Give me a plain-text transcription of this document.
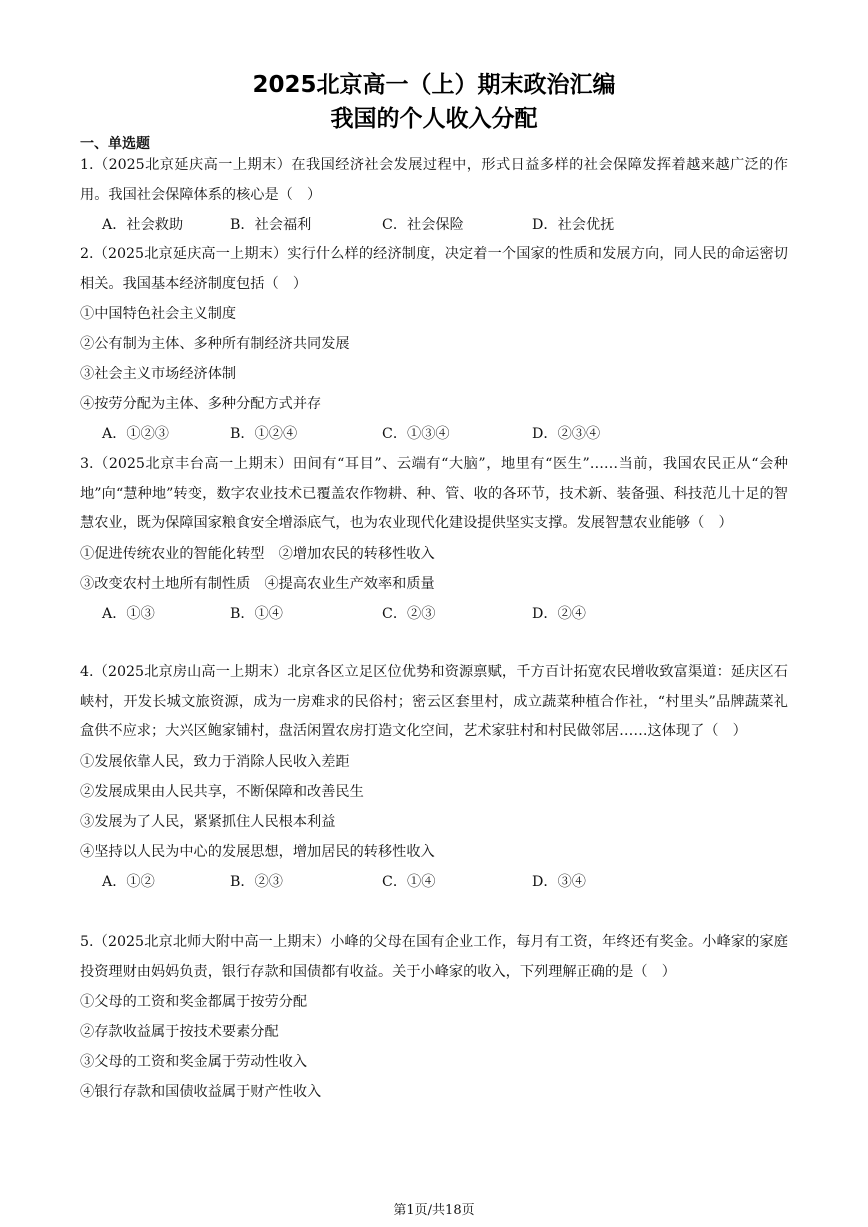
2025北京高一（上）期末政治汇编
我国的个人收入分配
一、单选题
1.（2025北京延庆高一上期末）在我国经济社会发展过程中，形式日益多样的社会保障发挥着越来越广泛的作用。我国社会保障体系的核心是（　）
A．社会救助	B．社会福利	C．社会保险	D．社会优抚
2.（2025北京延庆高一上期末）实行什么样的经济制度，决定着一个国家的性质和发展方向，同人民的命运密切相关。我国基本经济制度包括（　）
①中国特色社会主义制度
②公有制为主体、多种所有制经济共同发展
③社会主义市场经济体制
④按劳分配为主体、多种分配方式并存
A．①②③	B．①②④	C．①③④	D．②③④
3.（2025北京丰台高一上期末）田间有“耳目”、云端有“大脑”，地里有“医生”……当前，我国农民正从“会种地”向“慧种地”转变，数字农业技术已覆盖农作物耕、种、管、收的各环节，技术新、装备强、科技范儿十足的智慧农业，既为保障国家粮食安全增添底气，也为农业现代化建设提供坚实支撑。发展智慧农业能够（　）
①促进传统农业的智能化转型　②增加农民的转移性收入
③改变农村土地所有制性质　④提高农业生产效率和质量
A．①③	B．①④	C．②③	D．②④
4.（2025北京房山高一上期末）北京各区立足区位优势和资源禀赋，千方百计拓宽农民增收致富渠道：延庆区石峡村，开发长城文旅资源，成为一房难求的民俗村；密云区套里村，成立蔬菜种植合作社，“村里头”品牌蔬菜礼盒供不应求；大兴区鲍家铺村，盘活闲置农房打造文化空间，艺术家驻村和村民做邻居……这体现了（　）
①发展依靠人民，致力于消除人民收入差距
②发展成果由人民共享，不断保障和改善民生
③发展为了人民，紧紧抓住人民根本利益
④坚持以人民为中心的发展思想，增加居民的转移性收入
A．①②	B．②③	C．①④	D．③④
5.（2025北京北师大附中高一上期末）小峰的父母在国有企业工作，每月有工资，年终还有奖金。小峰家的家庭投资理财由妈妈负责，银行存款和国债都有收益。关于小峰家的收入，下列理解正确的是（　）
①父母的工资和奖金都属于按劳分配
②存款收益属于按技术要素分配
③父母的工资和奖金属于劳动性收入
④银行存款和国债收益属于财产性收入
第1页/共18页
